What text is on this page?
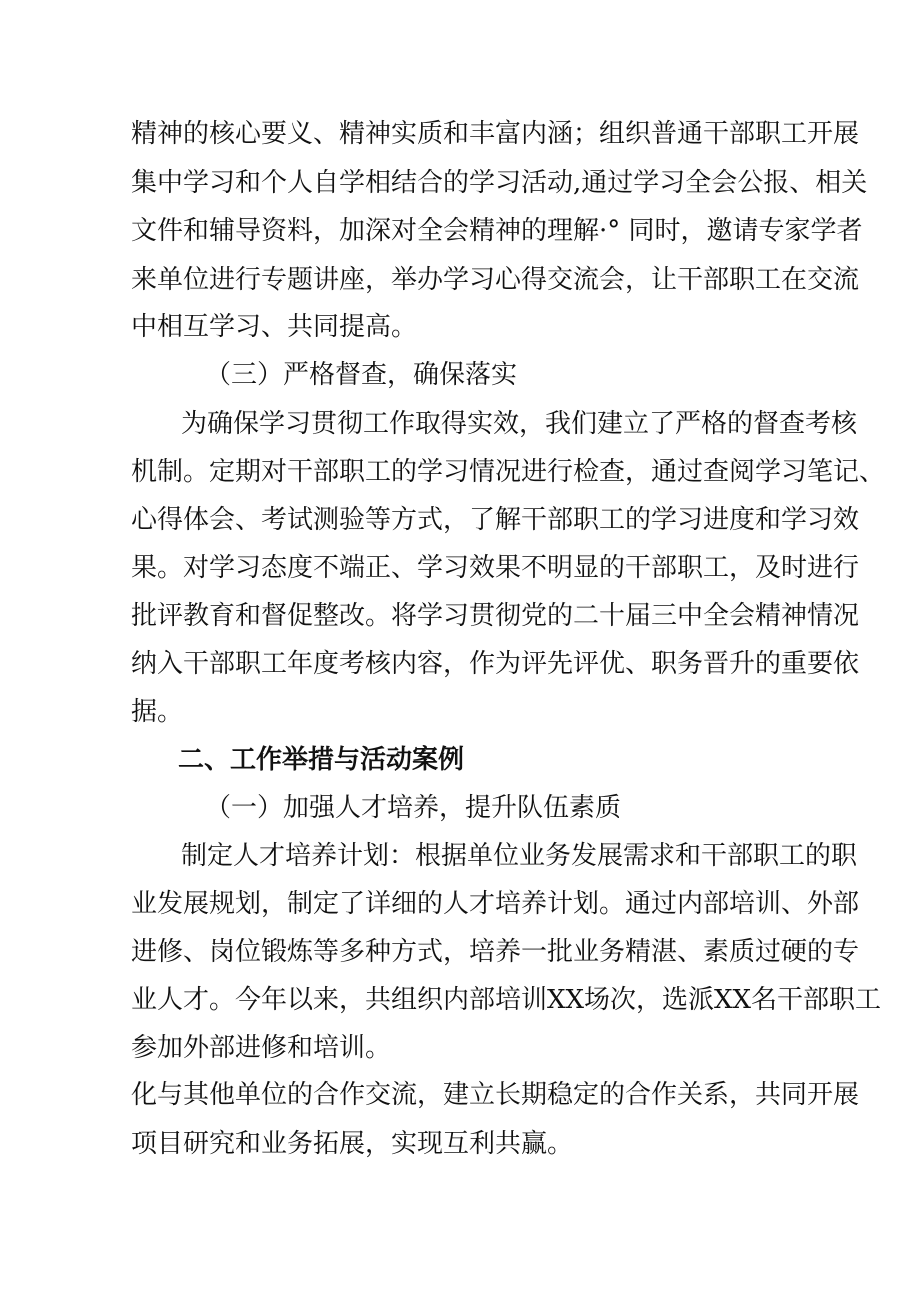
精神的核心要义、精神实质和丰富内涵；组织普通干部职工开展
集中学习和个人自学相结合的学习活动,通过学习全会公报、相关
文件和辅导资料，加深对全会精神的理解·° 同时，邀请专家学者
来单位进行专题讲座，举办学习心得交流会，让干部职工在交流
中相互学习、共同提高。
（三）严格督查，确保落实
为确保学习贯彻工作取得实效，我们建立了严格的督查考核
机制。定期对干部职工的学习情况进行检查，通过查阅学习笔记、
心得体会、考试测验等方式，了解干部职工的学习进度和学习效
果。对学习态度不端正、学习效果不明显的干部职工，及时进行
批评教育和督促整改。将学习贯彻党的二十届三中全会精神情况
纳入干部职工年度考核内容，作为评先评优、职务晋升的重要依
据。
二、工作举措与活动案例
（一）加强人才培养，提升队伍素质
制定人才培养计划：根据单位业务发展需求和干部职工的职
业发展规划，制定了详细的人才培养计划。通过内部培训、外部
进修、岗位锻炼等多种方式，培养一批业务精湛、素质过硬的专
业人才。今年以来，共组织内部培训XX场次，选派XX名干部职工
参加外部进修和培训。
化与其他单位的合作交流，建立长期稳定的合作关系，共同开展
项目研究和业务拓展，实现互利共赢。
